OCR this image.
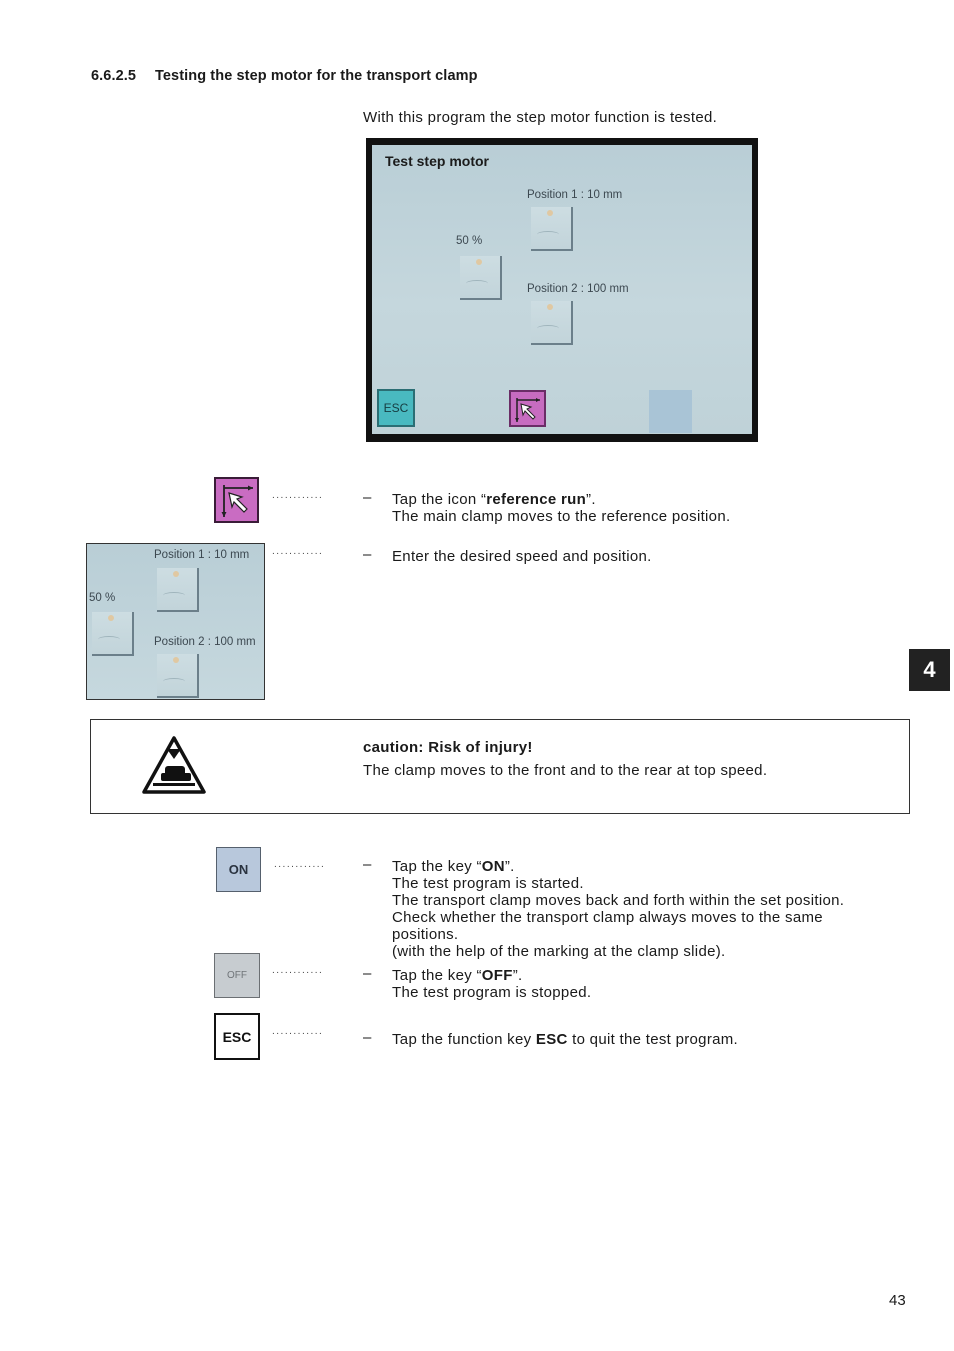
6.6.2.5 Testing the step motor for the transport clamp
With this program the step motor function is tested.
Test step motor
Position 1 : 10 mm
50 %
Position 2 : 100 mm
ESC
............	– Tap the icon “reference run”.
The main clamp moves to the reference position.
Position 1 : 10 mm
50 %
Position 2 : 100 mm
............	– Enter the desired speed and position.
4
caution: Risk of injury!
The clamp moves to the front and to the rear at top speed.
ON	............	– Tap the key “ON”.
The test program is started.
The transport clamp moves back and forth within the set position.
Check whether the transport clamp always moves to the same
positions.
(with the help of the marking at the clamp slide).
OFF	............	– Tap the key “OFF”.
The test program is stopped.
ESC	............	– Tap the function key ESC to quit the test program.
43
